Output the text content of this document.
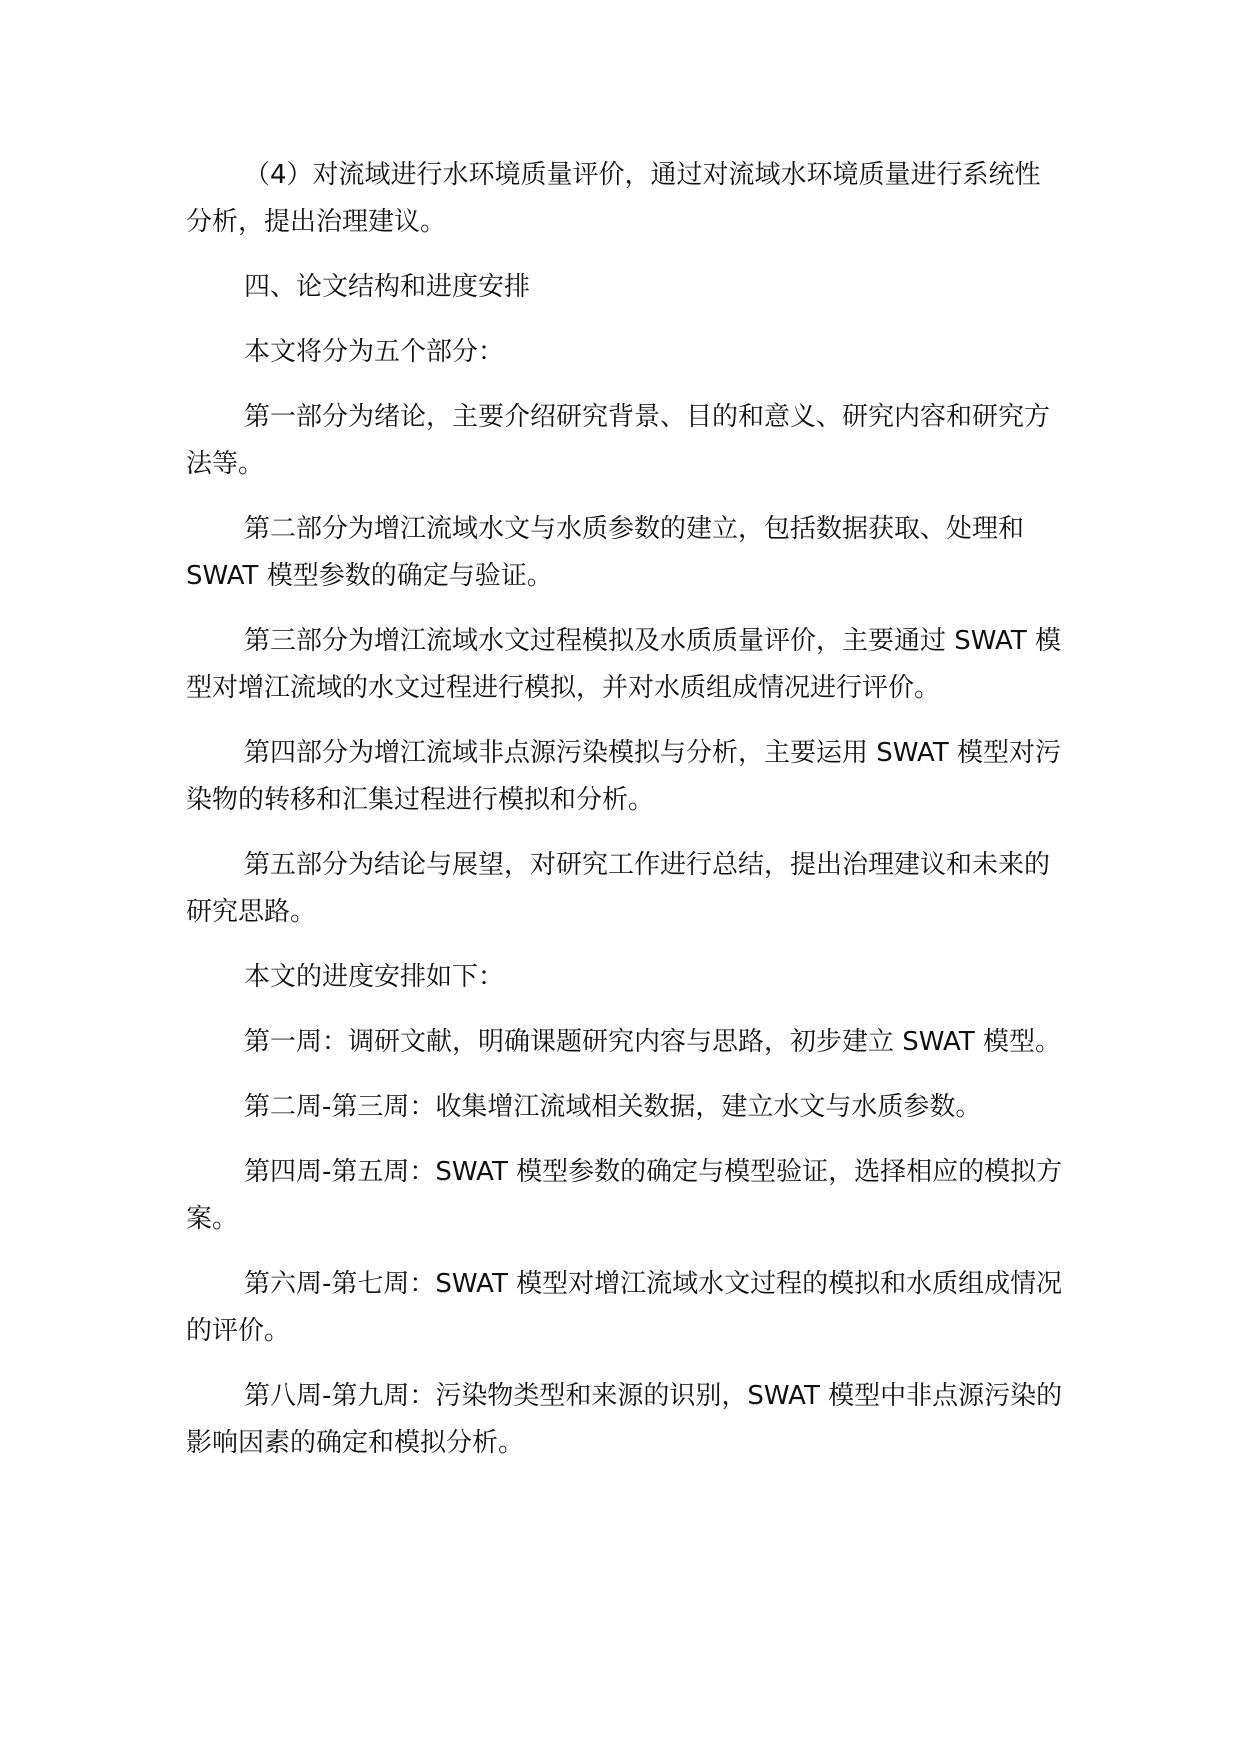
（4）对流域进行水环境质量评价，通过对流域水环境质量进行系统性分析，提出治理建议。

四、论文结构和进度安排

本文将分为五个部分：

第一部分为绪论，主要介绍研究背景、目的和意义、研究内容和研究方法等。

第二部分为增江流域水文与水质参数的建立，包括数据获取、处理和 SWAT 模型参数的确定与验证。

第三部分为增江流域水文过程模拟及水质质量评价，主要通过 SWAT 模型对增江流域的水文过程进行模拟，并对水质组成情况进行评价。

第四部分为增江流域非点源污染模拟与分析，主要运用 SWAT 模型对污染物的转移和汇集过程进行模拟和分析。

第五部分为结论与展望，对研究工作进行总结，提出治理建议和未来的研究思路。

本文的进度安排如下：

第一周：调研文献，明确课题研究内容与思路，初步建立 SWAT 模型。

第二周-第三周：收集增江流域相关数据，建立水文与水质参数。

第四周-第五周：SWAT 模型参数的确定与模型验证，选择相应的模拟方案。

第六周-第七周：SWAT 模型对增江流域水文过程的模拟和水质组成情况的评价。

第八周-第九周：污染物类型和来源的识别，SWAT 模型中非点源污染的影响因素的确定和模拟分析。
